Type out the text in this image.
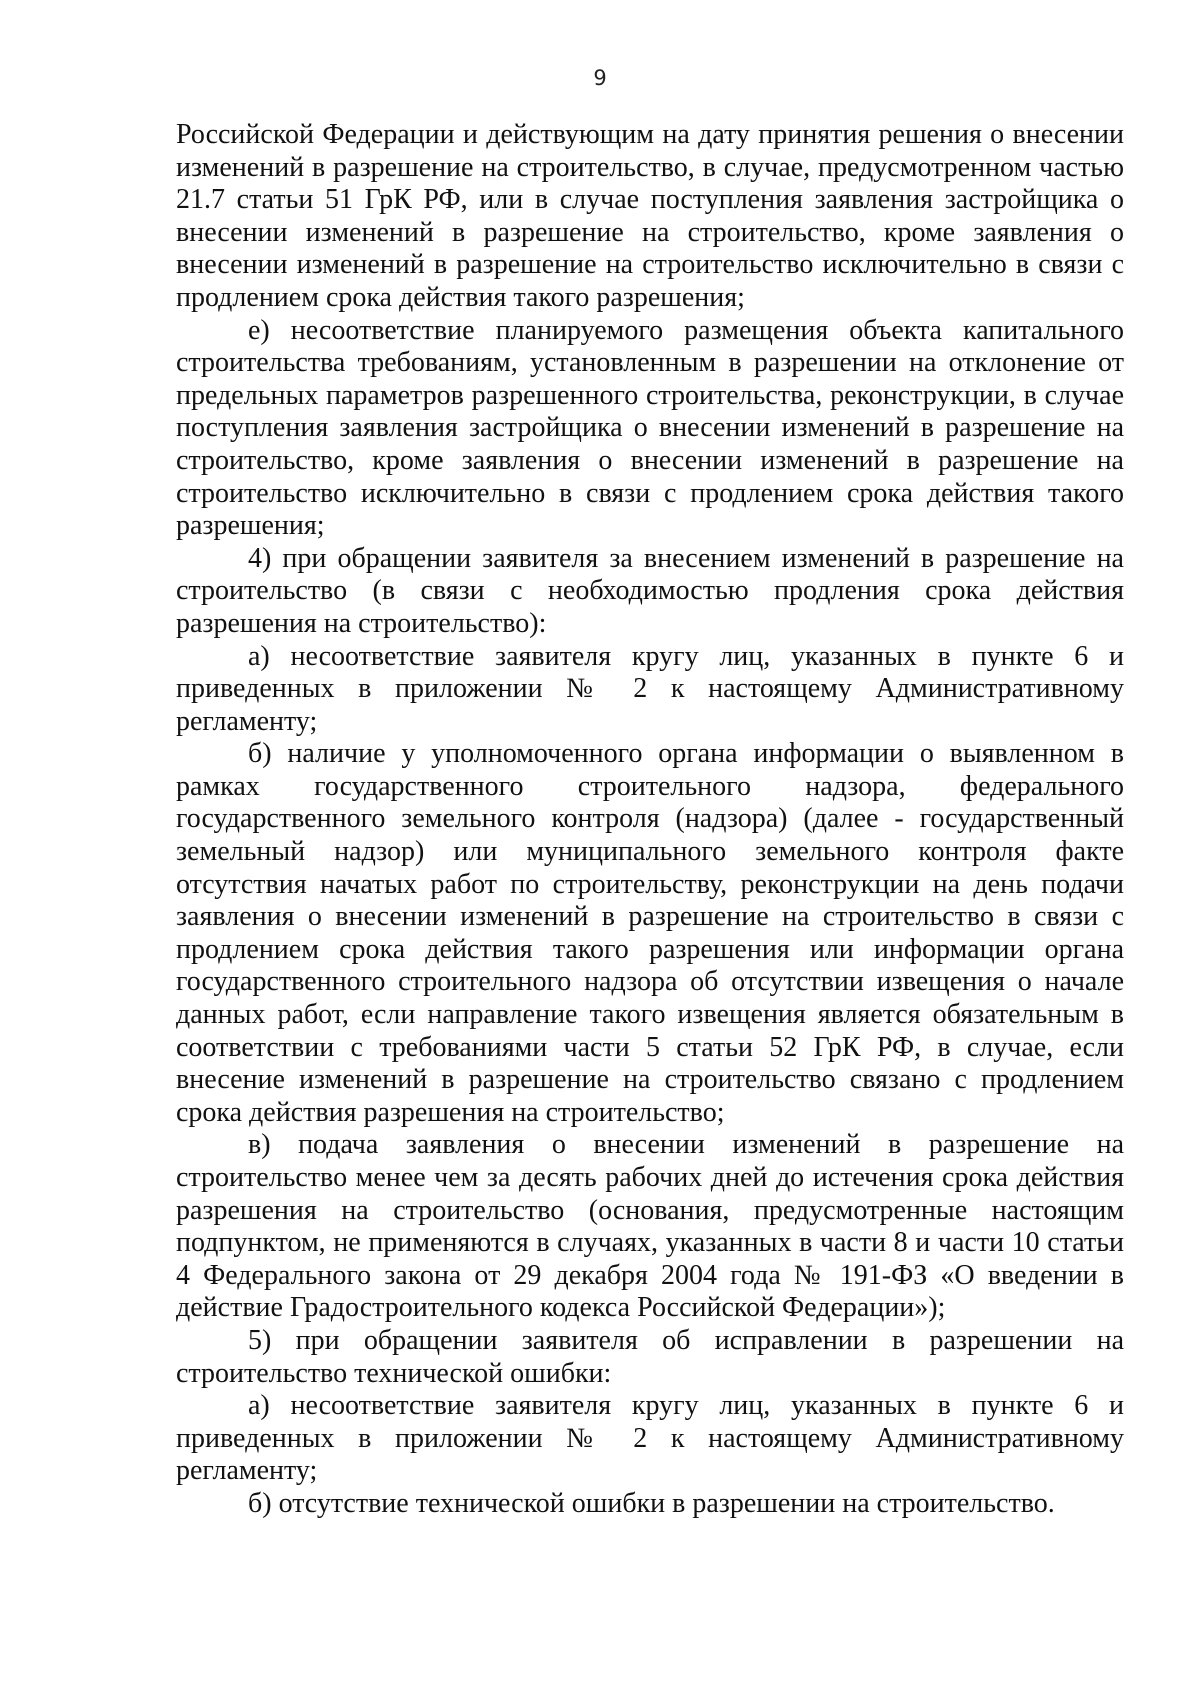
9

Российской Федерации и действующим на дату принятия решения о внесении изменений в разрешение на строительство, в случае, предусмотренном частью 21.7 статьи 51 ГрК РФ, или в случае поступления заявления застройщика о внесении изменений в разрешение на строительство, кроме заявления о внесении изменений в разрешение на строительство исключительно в связи с продлением срока действия такого разрешения;

е) несоответствие планируемого размещения объекта капитального строительства требованиям, установленным в разрешении на отклонение от предельных параметров разрешенного строительства, реконструкции, в случае поступления заявления застройщика о внесении изменений в разрешение на строительство, кроме заявления о внесении изменений в разрешение на строительство исключительно в связи с продлением срока действия такого разрешения;

4) при обращении заявителя за внесением изменений в разрешение на строительство (в связи с необходимостью продления срока действия разрешения на строительство):

а) несоответствие заявителя кругу лиц, указанных в пункте 6 и приведенных в приложении № 2 к настоящему Административному регламенту;

б) наличие у уполномоченного органа информации о выявленном в рамках государственного строительного надзора, федерального государственного земельного контроля (надзора) (далее - государственный земельный надзор) или муниципального земельного контроля факте отсутствия начатых работ по строительству, реконструкции на день подачи заявления о внесении изменений в разрешение на строительство в связи с продлением срока действия такого разрешения или информации органа государственного строительного надзора об отсутствии извещения о начале данных работ, если направление такого извещения является обязательным в соответствии с требованиями части 5 статьи 52 ГрК РФ, в случае, если внесение изменений в разрешение на строительство связано с продлением срока действия разрешения на строительство;

в) подача заявления о внесении изменений в разрешение на строительство менее чем за десять рабочих дней до истечения срока действия разрешения на строительство (основания, предусмотренные настоящим подпунктом, не применяются в случаях, указанных в части 8 и части 10 статьи 4 Федерального закона от 29 декабря 2004 года № 191-ФЗ «О введении в действие Градостроительного кодекса Российской Федерации»);

5) при обращении заявителя об исправлении в разрешении на строительство технической ошибки:

а) несоответствие заявителя кругу лиц, указанных в пункте 6 и приведенных в приложении № 2 к настоящему Административному регламенту;

б) отсутствие технической ошибки в разрешении на строительство.
